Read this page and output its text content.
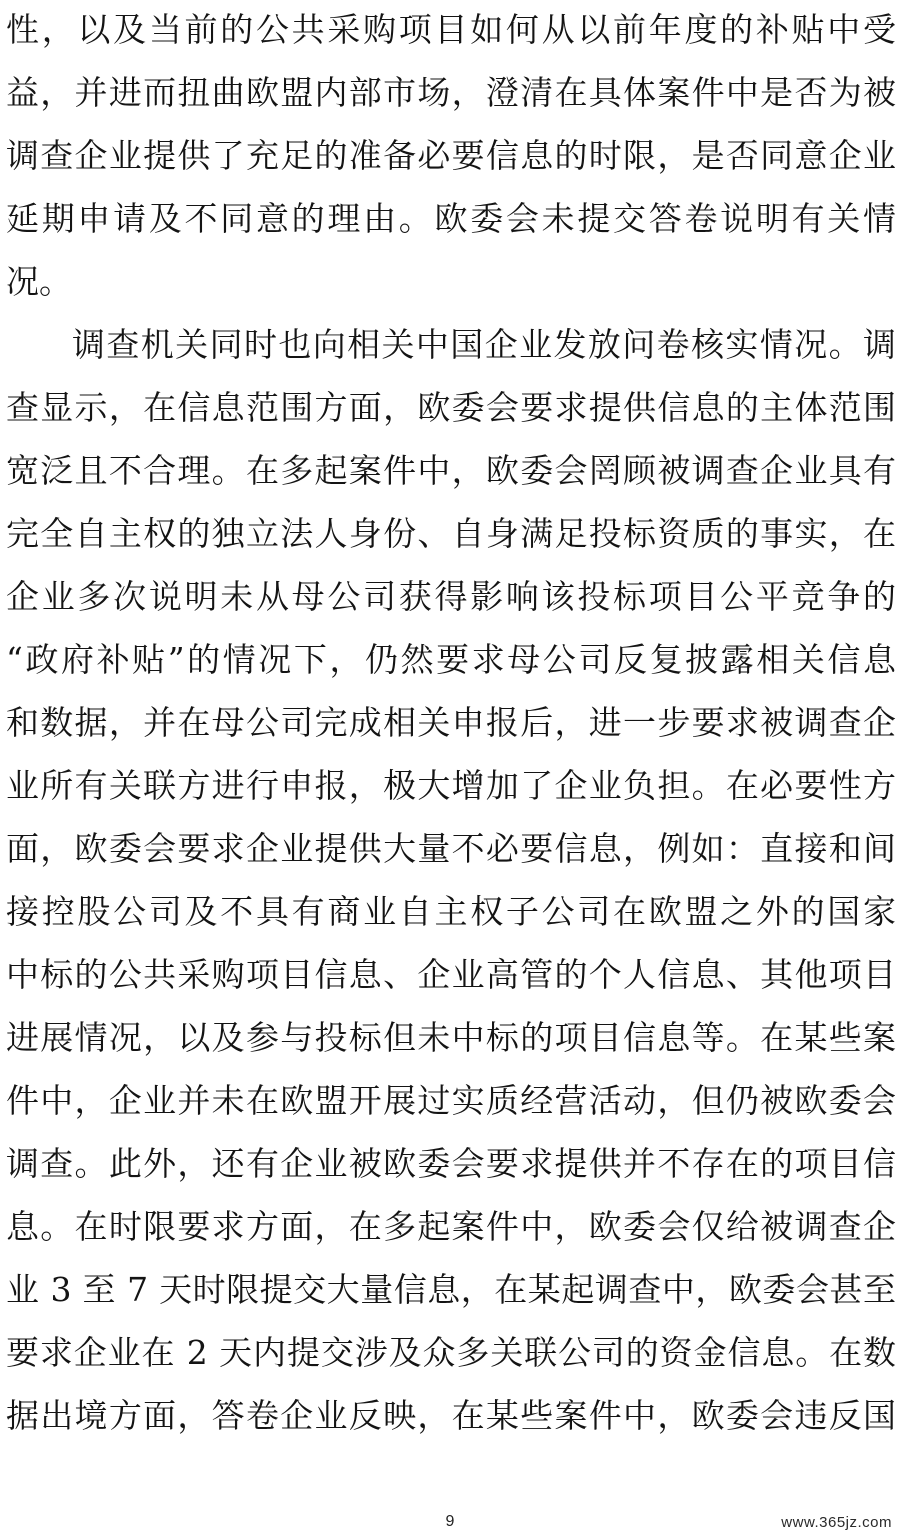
性，以及当前的公共采购项目如何从以前年度的补贴中受
益，并进而扭曲欧盟内部市场，澄清在具体案件中是否为被
调查企业提供了充足的准备必要信息的时限，是否同意企业
延期申请及不同意的理由。欧委会未提交答卷说明有关情
况。
调查机关同时也向相关中国企业发放问卷核实情况。调
查显示，在信息范围方面，欧委会要求提供信息的主体范围
宽泛且不合理。在多起案件中，欧委会罔顾被调查企业具有
完全自主权的独立法人身份、自身满足投标资质的事实，在
企业多次说明未从母公司获得影响该投标项目公平竞争的
“政府补贴”的情况下，仍然要求母公司反复披露相关信息
和数据，并在母公司完成相关申报后，进一步要求被调查企
业所有关联方进行申报，极大增加了企业负担。在必要性方
面，欧委会要求企业提供大量不必要信息，例如：直接和间
接控股公司及不具有商业自主权子公司在欧盟之外的国家
中标的公共采购项目信息、企业高管的个人信息、其他项目
进展情况，以及参与投标但未中标的项目信息等。在某些案
件中，企业并未在欧盟开展过实质经营活动，但仍被欧委会
调查。此外，还有企业被欧委会要求提供并不存在的项目信
息。在时限要求方面，在多起案件中，欧委会仅给被调查企
业 3 至 7 天时限提交大量信息，在某起调查中，欧委会甚至
要求企业在 2 天内提交涉及众多关联公司的资金信息。在数
据出境方面，答卷企业反映，在某些案件中，欧委会违反国
9	www.365jz.com
